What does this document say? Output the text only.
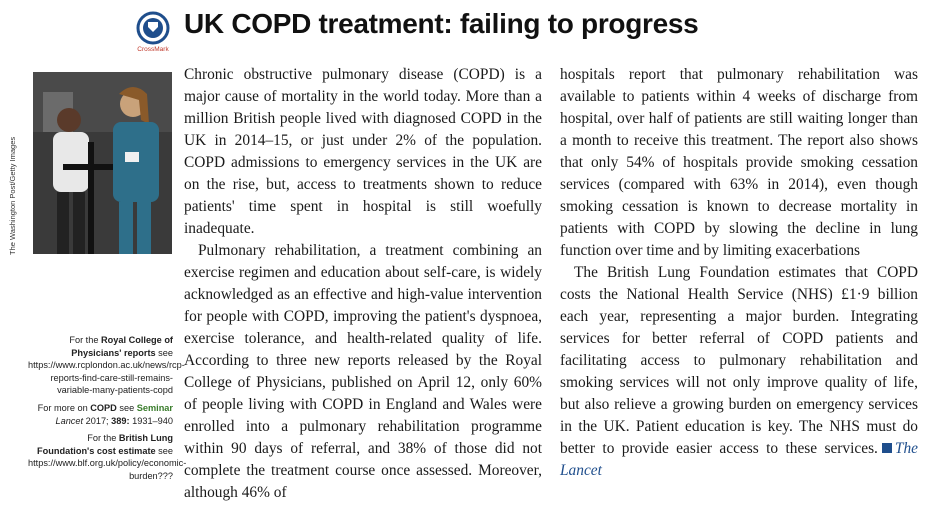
CrossMark
UK COPD treatment: failing to progress
The Washington Post/Getty Images

For the Royal College of Physicians' reports see https://www.rcplondon.ac.uk/news/rcp-reports-find-care-still-remains-variable-many-patients-copd

For more on COPD see Seminar
Lancet 2017; 389: 1931–940

For the British Lung Foundation's cost estimate see https://www.blf.org.uk/policy/economic-burden???

Chronic obstructive pulmonary disease (COPD) is a major cause of mortality in the world today. More than a million British people lived with diagnosed COPD in the UK in 2014–15, or just under 2% of the population. COPD admissions to emergency services in the UK are on the rise, but, access to treatments shown to reduce patients' time spent in hospital is still woefully inadequate.

Pulmonary rehabilitation, a treatment combining an exercise regimen and education about self-care, is widely acknowledged as an effective and high-value intervention for people with COPD, improving the patient's dyspnoea, exercise tolerance, and health-related quality of life. According to three new reports released by the Royal College of Physicians, published on April 12, only 60% of people living with COPD in England and Wales were enrolled into a pulmonary rehabilitation programme within 90 days of referral, and 38% of those did not complete the treatment course once assessed. Moreover, although 46% of

hospitals report that pulmonary rehabilitation was available to patients within 4 weeks of discharge from hospital, over half of patients are still waiting longer than a month to receive this treatment. The report also shows that only 54% of hospitals provide smoking cessation services (compared with 63% in 2014), even though smoking cessation is known to decrease mortality in patients with COPD by slowing the decline in lung function over time and by limiting exacerbations

The British Lung Foundation estimates that COPD costs the National Health Service (NHS) £1·9 billion each year, representing a major burden. Integrating services for better referral of COPD patients and facilitating access to pulmonary rehabilitation and smoking services will not only improve quality of life, but also relieve a growing burden on emergency services in the UK. Patient education is key. The NHS must do better to provide easier access to these services. The Lancet
